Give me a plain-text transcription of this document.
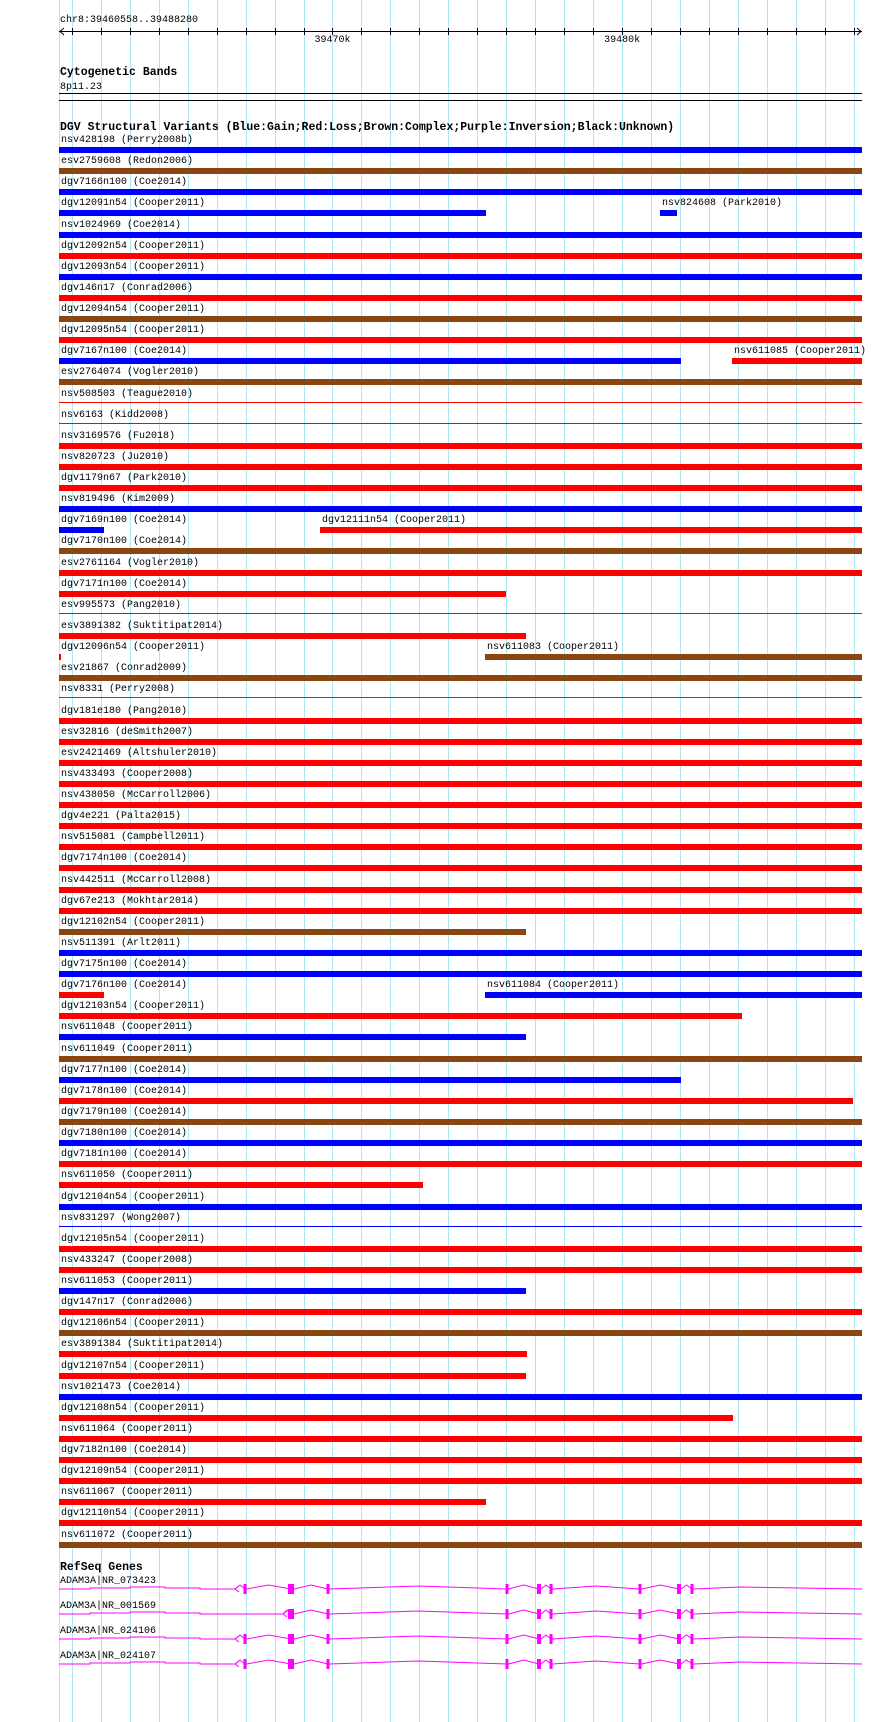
chr8:39460558..39488280
39470k	39480k
Cytogenetic Bands
8p11.23
DGV Structural Variants (Blue:Gain;Red:Loss;Brown:Complex;Purple:Inversion;Black:Unknown)
nsv428198 (Perry2008b)
esv2759608 (Redon2006)
dgv7166n100 (Coe2014)
dgv12091n54 (Cooper2011)	nsv824608 (Park2010)
nsv1024969 (Coe2014)
dgv12092n54 (Cooper2011)
dgv12093n54 (Cooper2011)
dgv146n17 (Conrad2006)
dgv12094n54 (Cooper2011)
dgv12095n54 (Cooper2011)
dgv7167n100 (Coe2014)	nsv611085 (Cooper2011)
esv2764074 (Vogler2010)
nsv508503 (Teague2010)
nsv6163 (Kidd2008)
nsv3169576 (Fu2018)
nsv820723 (Ju2010)
dgv1179n67 (Park2010)
nsv819496 (Kim2009)
dgv7169n100 (Coe2014)	dgv12111n54 (Cooper2011)
dgv7170n100 (Coe2014)
esv2761164 (Vogler2010)
dgv7171n100 (Coe2014)
esv995573 (Pang2010)
esv3891382 (Suktitipat2014)
dgv12096n54 (Cooper2011)	nsv611083 (Cooper2011)
esv21867 (Conrad2009)
nsv8331 (Perry2008)
dgv181e180 (Pang2010)
esv32816 (deSmith2007)
esv2421469 (Altshuler2010)
nsv433493 (Cooper2008)
nsv438050 (McCarroll2006)
dgv4e221 (Palta2015)
nsv515081 (Campbell2011)
dgv7174n100 (Coe2014)
nsv442511 (McCarroll2008)
dgv67e213 (Mokhtar2014)
dgv12102n54 (Cooper2011)
nsv511391 (Arlt2011)
dgv7175n100 (Coe2014)
dgv7176n100 (Coe2014)	nsv611084 (Cooper2011)
dgv12103n54 (Cooper2011)
nsv611048 (Cooper2011)
nsv611049 (Cooper2011)
dgv7177n100 (Coe2014)
dgv7178n100 (Coe2014)
dgv7179n100 (Coe2014)
dgv7180n100 (Coe2014)
dgv7181n100 (Coe2014)
nsv611050 (Cooper2011)
dgv12104n54 (Cooper2011)
nsv831297 (Wong2007)
dgv12105n54 (Cooper2011)
nsv433247 (Cooper2008)
nsv611053 (Cooper2011)
dgv147n17 (Conrad2006)
dgv12106n54 (Cooper2011)
esv3891384 (Suktitipat2014)
dgv12107n54 (Cooper2011)
nsv1021473 (Coe2014)
dgv12108n54 (Cooper2011)
nsv611064 (Cooper2011)
dgv7182n100 (Coe2014)
dgv12109n54 (Cooper2011)
nsv611067 (Cooper2011)
dgv12110n54 (Cooper2011)
nsv611072 (Cooper2011)
RefSeq Genes
ADAM3A|NR_073423
ADAM3A|NR_001569
ADAM3A|NR_024106
ADAM3A|NR_024107
